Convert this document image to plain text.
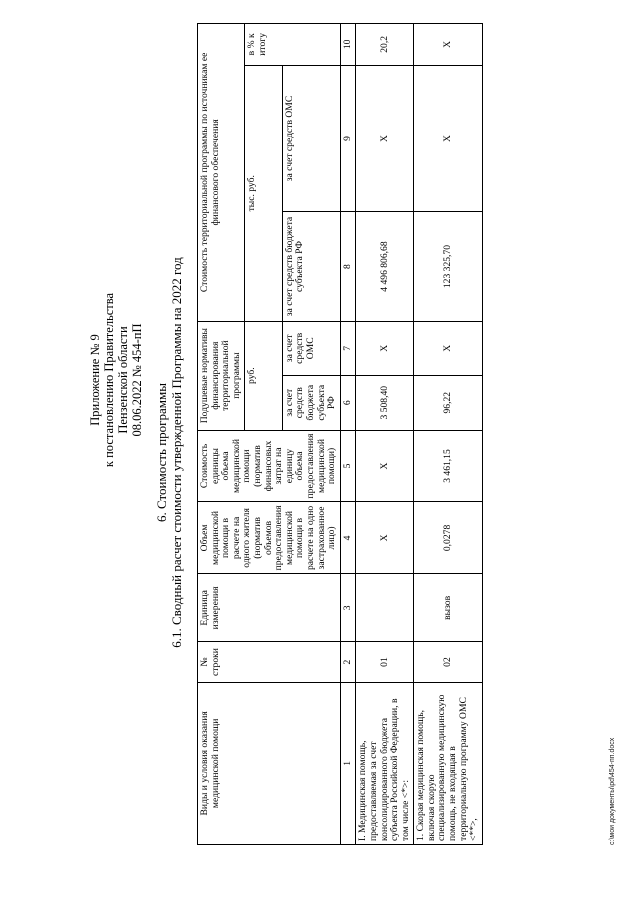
Приложение № 9 к постановлению Правительства Пензенской области 08.06.2022 № 454-пП
6. Стоимость программы 6.1. Сводный расчет стоимости утвержденной Программы на 2022 год
Виды и условия оказания медицинской помощи	№ строки	Единица измерения	Объем медицинской помощи в расчете на одного жителя (норматив объемов предоставления медицинской помощи в расчете на одно застрахованное лицо)	Стоимость единицы объема медицинской помощи (норматив финансовых затрат на единицу объема предоставления медицинской помощи)	Подушевые нормативы финансирования территориальной программы		Стоимость территориальной программы по источникам ее финансового обеспечения		
					руб.		тыс. руб.		в % к итогу
					за счет средств бюджета субъекта РФ	за счет средств ОМС	за счет средств бюджета субъекта РФ	за счет средств ОМС	
1	2	3	4	5	6	7	8	9	10
I. Медицинская помощь, предоставляемая за счет консолидированного бюджета субъекта Российской Федерации, в том числе <*>:	01		X	X	3 508,40	X	4 496 806,68	X	20,2
1. Скорая медицинская помощь, включая скорую специализированную медицинскую помощь, не входящая в территориальную программу ОМС <**>,	02	вызов	0,0278	3 461,15	96,22	X	123 325,70	X	X
c:\мои документы\pd\454-пп.docx
